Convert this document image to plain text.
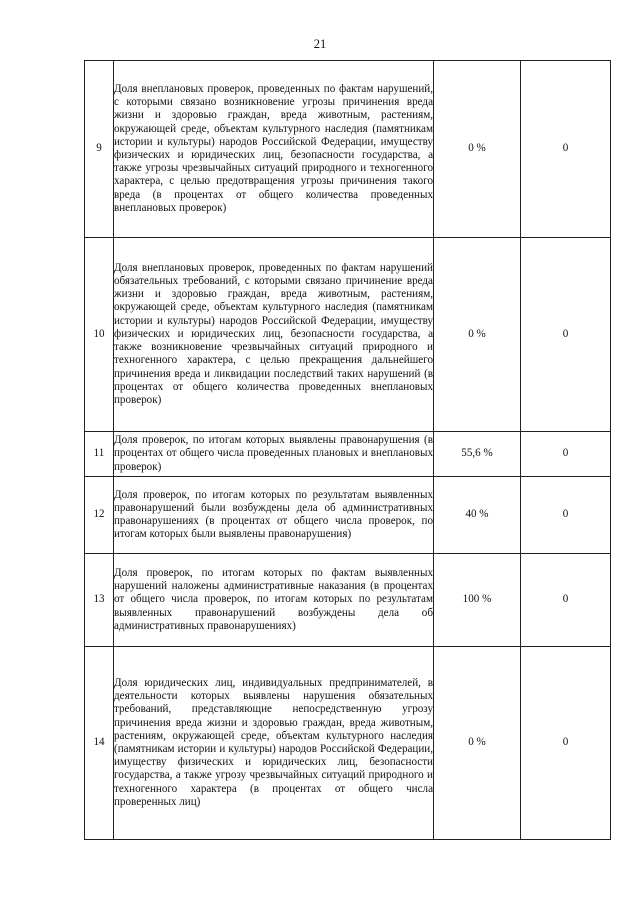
21
9	Доля внеплановых проверок, проведенных по фактам нарушений, с которыми связано возникновение угрозы причинения вреда жизни и здоровью граждан, вреда животным, растениям, окружающей среде, объектам культурного наследия (памятникам истории и культуры) народов Российской Федерации, имуществу физических и юридических лиц, безопасности государства, а также угрозы чрезвычайных ситуаций природного и техногенного характера, с целью предотвращения угрозы причинения такого вреда (в процентах от общего количества проведенных внеплановых проверок)	0 %	0
10	Доля внеплановых проверок, проведенных по фактам нарушений обязательных требований, с которыми связано причинение вреда жизни и здоровью граждан, вреда животным, растениям, окружающей среде, объектам культурного наследия (памятникам истории и культуры) народов Российской Федерации, имуществу физических и юридических лиц, безопасности государства, а также возникновение чрезвычайных ситуаций природного и техногенного характера, с целью прекращения дальнейшего причинения вреда и ликвидации последствий таких нарушений (в процентах от общего количества проведенных внеплановых проверок)	0 %	0
11	Доля проверок, по итогам которых выявлены правонарушения (в процентах от общего числа проведенных плановых и внеплановых проверок)	55,6 %	0
12	Доля проверок, по итогам которых по результатам выявленных правонарушений были возбуждены дела об административных правонарушениях (в процентах от общего числа проверок, по итогам которых были выявлены правонарушения)	40 %	0
13	Доля проверок, по итогам которых по фактам выявленных нарушений наложены административные наказания (в процентах от общего числа проверок, по итогам которых по результатам выявленных правонарушений возбуждены дела об административных правонарушениях)	100 %	0
14	Доля юридических лиц, индивидуальных предпринимателей, в деятельности которых выявлены нарушения обязательных требований, представляющие непосредственную угрозу причинения вреда жизни и здоровью граждан, вреда животным, растениям, окружающей среде, объектам культурного наследия (памятникам истории и культуры) народов Российской Федерации, имуществу физических и юридических лиц, безопасности государства, а также угрозу чрезвычайных ситуаций природного и техногенного характера (в процентах от общего числа проверенных лиц)	0 %	0
